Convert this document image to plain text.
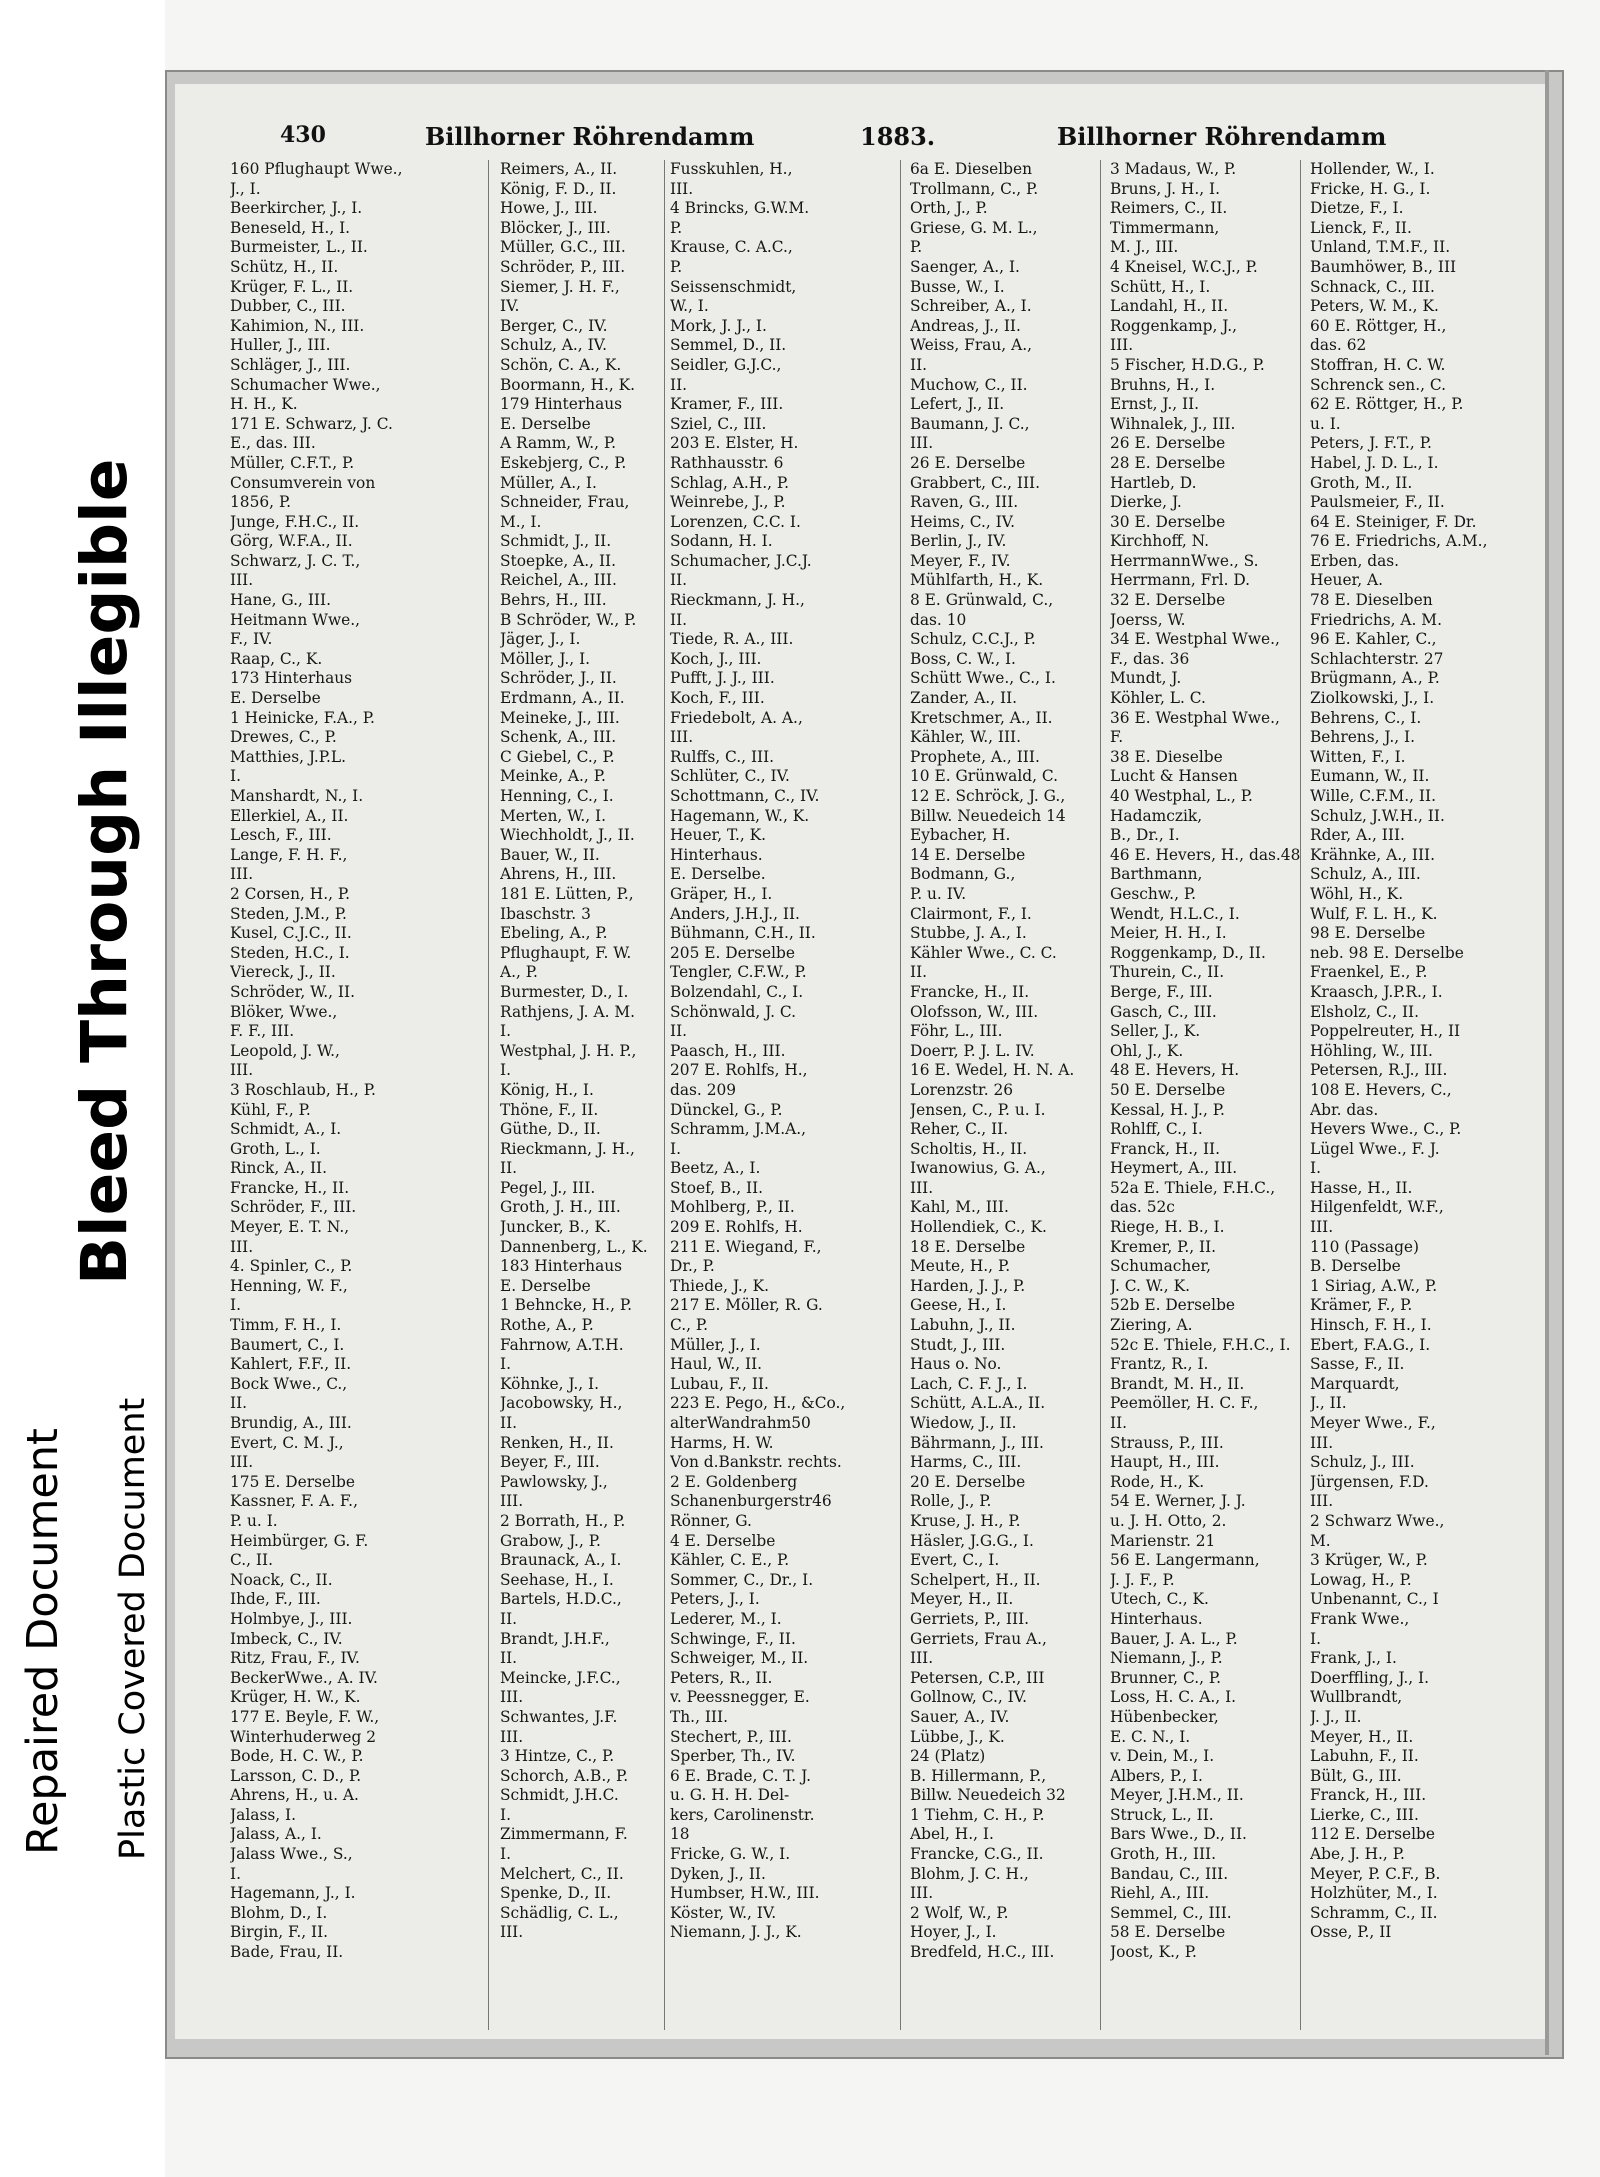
Repaired Document Plastic Covered Document
Bleed Through Illegible
430	Billhorner Röhrendamm	1883.	Billhorner Röhrendamm
160 Pflughaupt Wwe.,
J., I.
Beerkircher, J., I.
Beneseld, H., I.
Burmeister, L., II.
Schütz, H., II.
Krüger, F. L., II.
Dubber, C., III.
Kahimion, N., III.
Huller, J., III.
Schläger, J., III.
Schumacher Wwe.,
H. H., K.
171 E. Schwarz, J. C.
E., das. III.
Müller, C.F.T., P.
Consumverein von
1856, P.
Junge, F.H.C., II.
Görg, W.F.A., II.
Schwarz, J. C. T.,
III.
Hane, G., III.
Heitmann Wwe.,
F., IV.
Raap, C., K.
173 Hinterhaus
E. Derselbe
1 Heinicke, F.A., P.
Drewes, C., P.
Matthies, J.P.L.
I.
Manshardt, N., I.
Ellerkiel, A., II.
Lesch, F., III.
Lange, F. H. F.,
III.
2 Corsen, H., P.
Steden, J.M., P.
Kusel, C.J.C., II.
Steden, H.C., I.
Viereck, J., II.
Schröder, W., II.
Blöker, Wwe.,
F. F., III.
Leopold, J. W.,
III.
3 Roschlaub, H., P.
Kühl, F., P.
Schmidt, A., I.
Groth, L., I.
Rinck, A., II.
Francke, H., II.
Schröder, F., III.
Meyer, E. T. N.,
III.
4. Spinler, C., P.
Henning, W. F.,
I.
Timm, F. H., I.
Baumert, C., I.
Kahlert, F.F., II.
Bock Wwe., C.,
II.
Brundig, A., III.
Evert, C. M. J.,
III.
175 E. Derselbe
Kassner, F. A. F.,
P. u. I.
Heimbürger, G. F.
C., II.
Noack, C., II.
Ihde, F., III.
Holmbye, J., III.
Imbeck, C., IV.
Ritz, Frau, F., IV.
BeckerWwe., A. IV.
Krüger, H. W., K.
177 E. Beyle, F. W.,
Winterhuderweg 2
Bode, H. C. W., P.
Larsson, C. D., P.
Ahrens, H., u. A.
Jalass, I.
Jalass, A., I.
Jalass Wwe., S.,
I.
Hagemann, J., I.
Blohm, D., I.
Birgin, F., II.
Bade, Frau, II.
Reimers, A., II.
König, F. D., II.
Howe, J., III.
Blöcker, J., III.
Müller, G.C., III.
Schröder, P., III.
Siemer, J. H. F.,
IV.
Berger, C., IV.
Schulz, A., IV.
Schön, C. A., K.
Boormann, H., K.
179 Hinterhaus
E. Derselbe
A Ramm, W., P.
Eskebjerg, C., P.
Müller, A., I.
Schneider, Frau,
M., I.
Schmidt, J., II.
Stoepke, A., II.
Reichel, A., III.
Behrs, H., III.
B Schröder, W., P.
Jäger, J., I.
Möller, J., I.
Schröder, J., II.
Erdmann, A., II.
Meineke, J., III.
Schenk, A., III.
C Giebel, C., P.
Meinke, A., P.
Henning, C., I.
Merten, W., I.
Wiechholdt, J., II.
Bauer, W., II.
Ahrens, H., III.
181 E. Lütten, P.,
Ibaschstr. 3
Ebeling, A., P.
Pflughaupt, F. W.
A., P.
Burmester, D., I.
Rathjens, J. A. M.
I.
Westphal, J. H. P.,
I.
König, H., I.
Thöne, F., II.
Güthe, D., II.
Rieckmann, J. H.,
II.
Pegel, J., III.
Groth, J. H., III.
Juncker, B., K.
Dannenberg, L., K.
183 Hinterhaus
E. Derselbe
1 Behncke, H., P.
Rothe, A., P.
Fahrnow, A.T.H.
I.
Köhnke, J., I.
Jacobowsky, H.,
II.
Renken, H., II.
Beyer, F., III.
Pawlowsky, J.,
III.
2 Borrath, H., P.
Grabow, J., P.
Braunack, A., I.
Seehase, H., I.
Bartels, H.D.C.,
II.
Brandt, J.H.F.,
II.
Meincke, J.F.C.,
III.
Schwantes, J.F.
III.
3 Hintze, C., P.
Schorch, A.B., P.
Schmidt, J.H.C.
I.
Zimmermann, F.
I.
Melchert, C., II.
Spenke, D., II.
Schädlig, C. L.,
III.
Fusskuhlen, H.,
III.
4 Brincks, G.W.M.
P.
Krause, C. A.C.,
P.
Seissenschmidt,
W., I.
Mork, J. J., I.
Semmel, D., II.
Seidler, G.J.C.,
II.
Kramer, F., III.
Sziel, C., III.
203 E. Elster, H.
Rathhausstr. 6
Schlag, A.H., P.
Weinrebe, J., P.
Lorenzen, C.C. I.
Sodann, H. I.
Schumacher, J.C.J.
II.
Rieckmann, J. H.,
II.
Tiede, R. A., III.
Koch, J., III.
Pufft, J. J., III.
Koch, F., III.
Friedebolt, A. A.,
III.
Rulffs, C., III.
Schlüter, C., IV.
Schottmann, C., IV.
Hagemann, W., K.
Heuer, T., K.
Hinterhaus.
E. Derselbe.
Gräper, H., I.
Anders, J.H.J., II.
Bühmann, C.H., II.
205 E. Derselbe
Tengler, C.F.W., P.
Bolzendahl, C., I.
Schönwald, J. C.
II.
Paasch, H., III.
207 E. Rohlfs, H.,
das. 209
Dünckel, G., P.
Schramm, J.M.A.,
I.
Beetz, A., I.
Stoef, B., II.
Mohlberg, P., II.
209 E. Rohlfs, H.
211 E. Wiegand, F.,
Dr., P.
Thiede, J., K.
217 E. Möller, R. G.
C., P.
Müller, J., I.
Haul, W., II.
Lubau, F., II.
223 E. Pego, H., &Co.,
alterWandrahm50
Harms, H. W.
Von d.Bankstr. rechts.
2 E. Goldenberg
Schanenburgerstr46
Rönner, G.
4 E. Derselbe
Kähler, C. E., P.
Sommer, C., Dr., I.
Peters, J., I.
Lederer, M., I.
Schwinge, F., II.
Schweiger, M., II.
Peters, R., II.
v. Peessnegger, E.
Th., III.
Stechert, P., III.
Sperber, Th., IV.
6 E. Brade, C. T. J.
u. G. H. H. Del-
kers, Carolinenstr.
18
Fricke, G. W., I.
Dyken, J., II.
Humbser, H.W., III.
Köster, W., IV.
Niemann, J. J., K.
6a E. Dieselben
Trollmann, C., P.
Orth, J., P.
Griese, G. M. L.,
P.
Saenger, A., I.
Busse, W., I.
Schreiber, A., I.
Andreas, J., II.
Weiss, Frau, A.,
II.
Muchow, C., II.
Lefert, J., II.
Baumann, J. C.,
III.
26 E. Derselbe
Grabbert, C., III.
Raven, G., III.
Heims, C., IV.
Berlin, J., IV.
Meyer, F., IV.
Mühlfarth, H., K.
8 E. Grünwald, C.,
das. 10
Schulz, C.C.J., P.
Boss, C. W., I.
Schütt Wwe., C., I.
Zander, A., II.
Kretschmer, A., II.
Kähler, W., III.
Prophete, A., III.
10 E. Grünwald, C.
12 E. Schröck, J. G.,
Billw. Neuedeich 14
Eybacher, H.
14 E. Derselbe
Bodmann, G.,
P. u. IV.
Clairmont, F., I.
Stubbe, J. A., I.
Kähler Wwe., C. C.
II.
Francke, H., II.
Olofsson, W., III.
Föhr, L., III.
Doerr, P. J. L. IV.
16 E. Wedel, H. N. A.
Lorenzstr. 26
Jensen, C., P. u. I.
Reher, C., II.
Scholtis, H., II.
Iwanowius, G. A.,
III.
Kahl, M., III.
Hollendiek, C., K.
18 E. Derselbe
Meute, H., P.
Harden, J. J., P.
Geese, H., I.
Labuhn, J., II.
Studt, J., III.
Haus o. No.
Lach, C. F. J., I.
Schütt, A.L.A., II.
Wiedow, J., II.
Bährmann, J., III.
Harms, C., III.
20 E. Derselbe
Rolle, J., P.
Kruse, J. H., P.
Häsler, J.G.G., I.
Evert, C., I.
Schelpert, H., II.
Meyer, H., II.
Gerriets, P., III.
Gerriets, Frau A.,
III.
Petersen, C.P., III
Gollnow, C., IV.
Sauer, A., IV.
Lübbe, J., K.
24 (Platz)
B. Hillermann, P.,
Billw. Neuedeich 32
1 Tiehm, C. H., P.
Abel, H., I.
Francke, C.G., II.
Blohm, J. C. H.,
III.
2 Wolf, W., P.
Hoyer, J., I.
Bredfeld, H.C., III.
3 Madaus, W., P.
Bruns, J. H., I.
Reimers, C., II.
Timmermann,
M. J., III.
4 Kneisel, W.C.J., P.
Schütt, H., I.
Landahl, H., II.
Roggenkamp, J.,
III.
5 Fischer, H.D.G., P.
Bruhns, H., I.
Ernst, J., II.
Wihnalek, J., III.
26 E. Derselbe
28 E. Derselbe
Hartleb, D.
Dierke, J.
30 E. Derselbe
Kirchhoff, N.
HerrmannWwe., S.
Herrmann, Frl. D.
32 E. Derselbe
Joerss, W.
34 E. Westphal Wwe.,
F., das. 36
Mundt, J.
Köhler, L. C.
36 E. Westphal Wwe.,
F.
38 E. Dieselbe
Lucht & Hansen
40 Westphal, L., P.
Hadamczik,
B., Dr., I.
46 E. Hevers, H., das.48
Barthmann,
Geschw., P.
Wendt, H.L.C., I.
Meier, H. H., I.
Roggenkamp, D., II.
Thurein, C., II.
Berge, F., III.
Gasch, C., III.
Seller, J., K.
Ohl, J., K.
48 E. Hevers, H.
50 E. Derselbe
Kessal, H. J., P.
Rohlff, C., I.
Franck, H., II.
Heymert, A., III.
52a E. Thiele, F.H.C.,
das. 52c
Riege, H. B., I.
Kremer, P., II.
Schumacher,
J. C. W., K.
52b E. Derselbe
Ziering, A.
52c E. Thiele, F.H.C., I.
Frantz, R., I.
Brandt, M. H., II.
Peemöller, H. C. F.,
II.
Strauss, P., III.
Haupt, H., III.
Rode, H., K.
54 E. Werner, J. J.
u. J. H. Otto, 2.
Marienstr. 21
56 E. Langermann,
J. J. F., P.
Utech, C., K.
Hinterhaus.
Bauer, J. A. L., P.
Niemann, J., P.
Brunner, C., P.
Loss, H. C. A., I.
Hübenbecker,
E. C. N., I.
v. Dein, M., I.
Albers, P., I.
Meyer, J.H.M., II.
Struck, L., II.
Bars Wwe., D., II.
Groth, H., III.
Bandau, C., III.
Riehl, A., III.
Semmel, C., III.
58 E. Derselbe
Joost, K., P.
Hollender, W., I.
Fricke, H. G., I.
Dietze, F., I.
Lienck, F., II.
Unland, T.M.F., II.
Baumhöwer, B., III
Schnack, C., III.
Peters, W. M., K.
60 E. Röttger, H.,
das. 62
Stoffran, H. C. W.
Schrenck sen., C.
62 E. Röttger, H., P.
u. I.
Peters, J. F.T., P.
Habel, J. D. L., I.
Groth, M., II.
Paulsmeier, F., II.
64 E. Steiniger, F. Dr.
76 E. Friedrichs, A.M.,
Erben, das.
Heuer, A.
78 E. Dieselben
Friedrichs, A. M.
96 E. Kahler, C.,
Schlachterstr. 27
Brügmann, A., P.
Ziolkowski, J., I.
Behrens, C., I.
Behrens, J., I.
Witten, F., I.
Eumann, W., II.
Wille, C.F.M., II.
Schulz, J.W.H., II.
Rder, A., III.
Krähnke, A., III.
Schulz, A., III.
Wöhl, H., K.
Wulf, F. L. H., K.
98 E. Derselbe
neb. 98 E. Derselbe
Fraenkel, E., P.
Kraasch, J.P.R., I.
Elsholz, C., II.
Poppelreuter, H., II
Höhling, W., III.
Petersen, R.J., III.
108 E. Hevers, C.,
Abr. das.
Hevers Wwe., C., P.
Lügel Wwe., F. J.
I.
Hasse, H., II.
Hilgenfeldt, W.F.,
III.
110 (Passage)
B. Derselbe
1 Siriag, A.W., P.
Krämer, F., P.
Hinsch, F. H., I.
Ebert, F.A.G., I.
Sasse, F., II.
Marquardt,
J., II.
Meyer Wwe., F.,
III.
Schulz, J., III.
Jürgensen, F.D.
III.
2 Schwarz Wwe.,
M.
3 Krüger, W., P.
Lowag, H., P.
Unbenannt, C., I
Frank Wwe.,
I.
Frank, J., I.
Doerffling, J., I.
Wullbrandt,
J. J., II.
Meyer, H., II.
Labuhn, F., II.
Bült, G., III.
Franck, H., III.
Lierke, C., III.
112 E. Derselbe
Abe, J. H., P.
Meyer, P. C.F., B.
Holzhüter, M., I.
Schramm, C., II.
Osse, P., II
